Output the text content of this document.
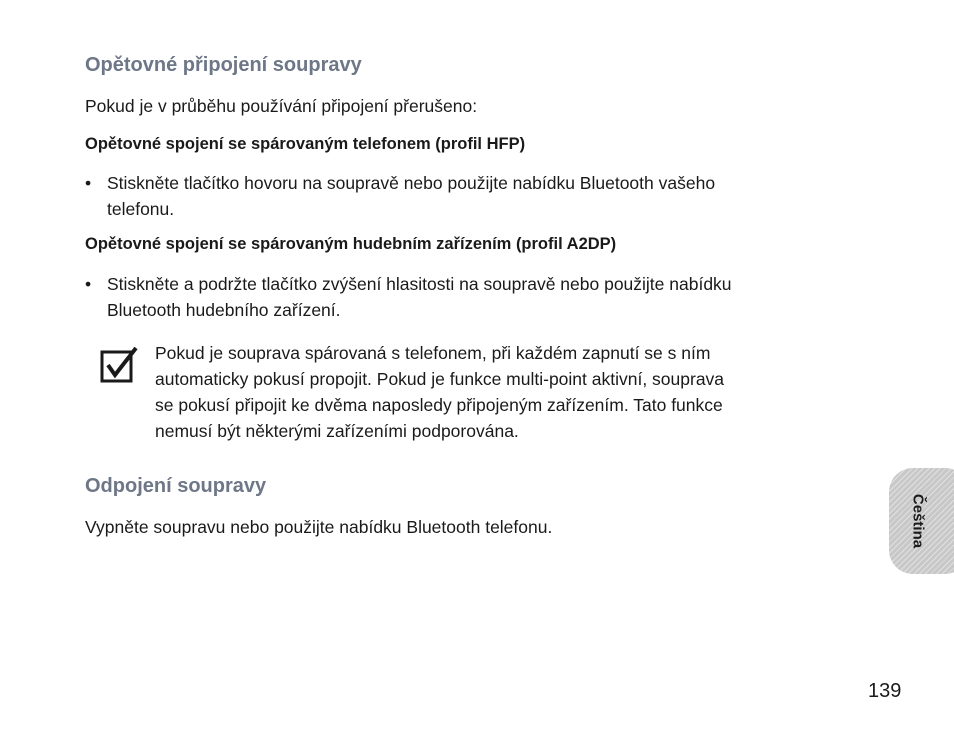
Opětovné připojení soupravy

Pokud je v průběhu používání připojení přerušeno:

Opětovné spojení se spárovaným telefonem (profil HFP)
• Stiskněte tlačítko hovoru na soupravě nebo použijte nabídku Bluetooth vašeho
telefonu.
Opětovné spojení se spárovaným hudebním zařízením (profil A2DP)
• Stiskněte a podržte tlačítko zvýšení hlasitosti na soupravě nebo použijte nabídku
Bluetooth hudebního zařízení.
Pokud je souprava spárovaná s telefonem, při každém zapnutí se s ním
automaticky pokusí propojit. Pokud je funkce multi-point aktivní, souprava
se pokusí připojit ke dvěma naposledy připojeným zařízením. Tato funkce
nemusí být některými zařízeními podporována.
Odpojení soupravy

Vypněte soupravu nebo použijte nabídku Bluetooth telefonu.	Čeština

139
